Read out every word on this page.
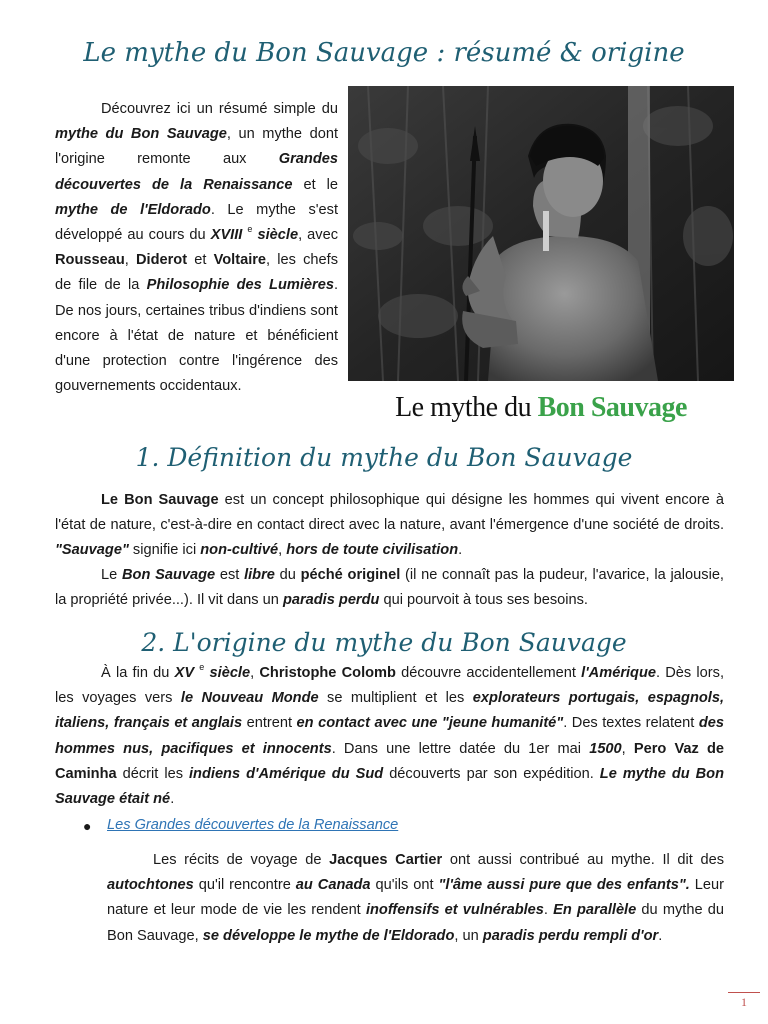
Le mythe du Bon Sauvage : résumé & origine

Découvrez ici un résumé simple du mythe du Bon Sauvage, un mythe dont l'origine remonte aux Grandes découvertes de la Renaissance et le mythe de l'Eldorado. Le mythe s'est développé au cours du XVIII $^e$ siècle, avec Rousseau, Diderot et Voltaire, les chefs de file de la Philosophie des Lumières. De nos jours, certaines tribus d'indiens sont encore à l'état de nature et bénéficient d'une protection contre l'ingérence des gouvernements occidentaux.

Le mythe du Bon Sauvage
1. Définition du mythe du Bon Sauvage

Le Bon Sauvage est un concept philosophique qui désigne les hommes qui vivent encore à l'état de nature, c'est-à-dire en contact direct avec la nature, avant l'émergence d'une société de droits. "Sauvage" signifie ici non-cultivé, hors de toute civilisation.

Le Bon Sauvage est libre du péché originel (il ne connaît pas la pudeur, l'avarice, la jalousie, la propriété privée...). Il vit dans un paradis perdu qui pourvoit à tous ses besoins.

2. L'origine du mythe du Bon Sauvage

À la fin du XV $^e$ siècle, Christophe Colomb découvre accidentellement l'Amérique. Dès lors, les voyages vers le Nouveau Monde se multiplient et les explorateurs portugais, espagnols, italiens, français et anglais entrent en contact avec une "jeune humanité". Des textes relatent des hommes nus, pacifiques et innocents. Dans une lettre datée du 1er mai 1500, Pero Vaz de Caminha décrit les indiens d'Amérique du Sud découverts par son expédition. Le mythe du Bon Sauvage était né.

● Les Grandes découvertes de la Renaissance

Les récits de voyage de Jacques Cartier ont aussi contribué au mythe. Il dit des autochtones qu'il rencontre au Canada qu'ils ont "l'âme aussi pure que des enfants". Leur nature et leur mode de vie les rendent inoffensifs et vulnérables. En parallèle du mythe du Bon Sauvage, se développe le mythe de l'Eldorado, un paradis perdu rempli d'or.

1
